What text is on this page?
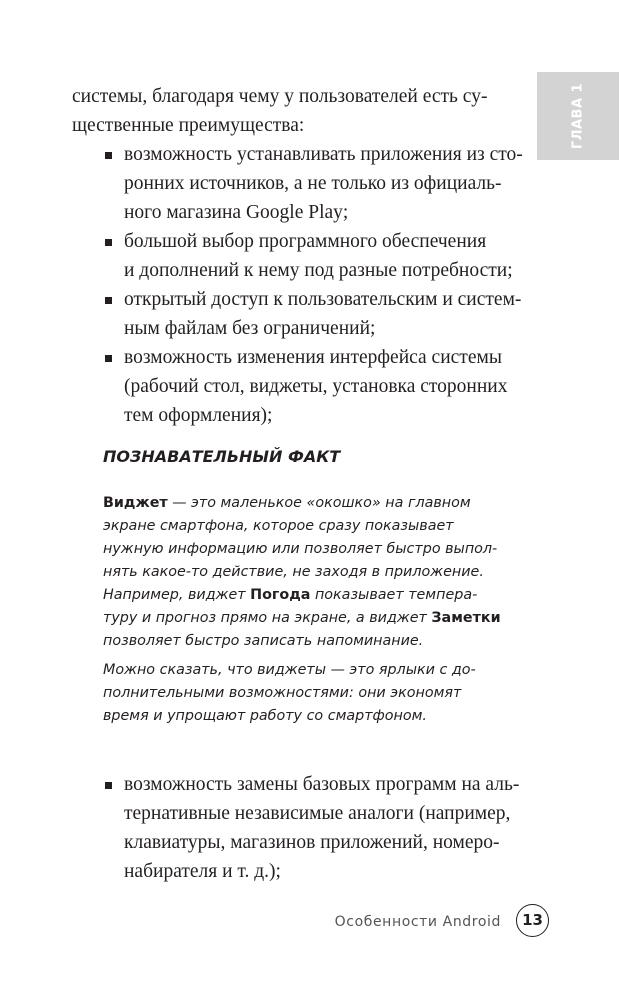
ГЛАВА 1
системы, благодаря чему у пользователей есть су-
щественные преимущества:
возможность устанавливать приложения из сто-
ронних источников, а не только из официаль-
ного магазина Google Play;
большой выбор программного обеспечения
и дополнений к нему под разные потребности;
открытый доступ к пользовательским и систем-
ным файлам без ограничений;
возможность изменения интерфейса системы
(рабочий стол, виджеты, установка сторонних
тем оформления);
ПОЗНАВАТЕЛЬНЫЙ ФАКТ
Виджет — это маленькое «окошко» на главном
экране смартфона, которое сразу показывает
нужную информацию или позволяет быстро выпол-
нять какое-то действие, не заходя в приложение.
Например, виджет Погода показывает темпера-
туру и прогноз прямо на экране, а виджет Заметки
позволяет быстро записать напоминание.
Можно сказать, что виджеты — это ярлыки с до-
полнительными возможностями: они экономят
время и упрощают работу со смартфоном.
возможность замены базовых программ на аль-
тернативные независимые аналоги (например,
клавиатуры, магазинов приложений, номеро-
набирателя и т. д.);
Особенности Android	13
